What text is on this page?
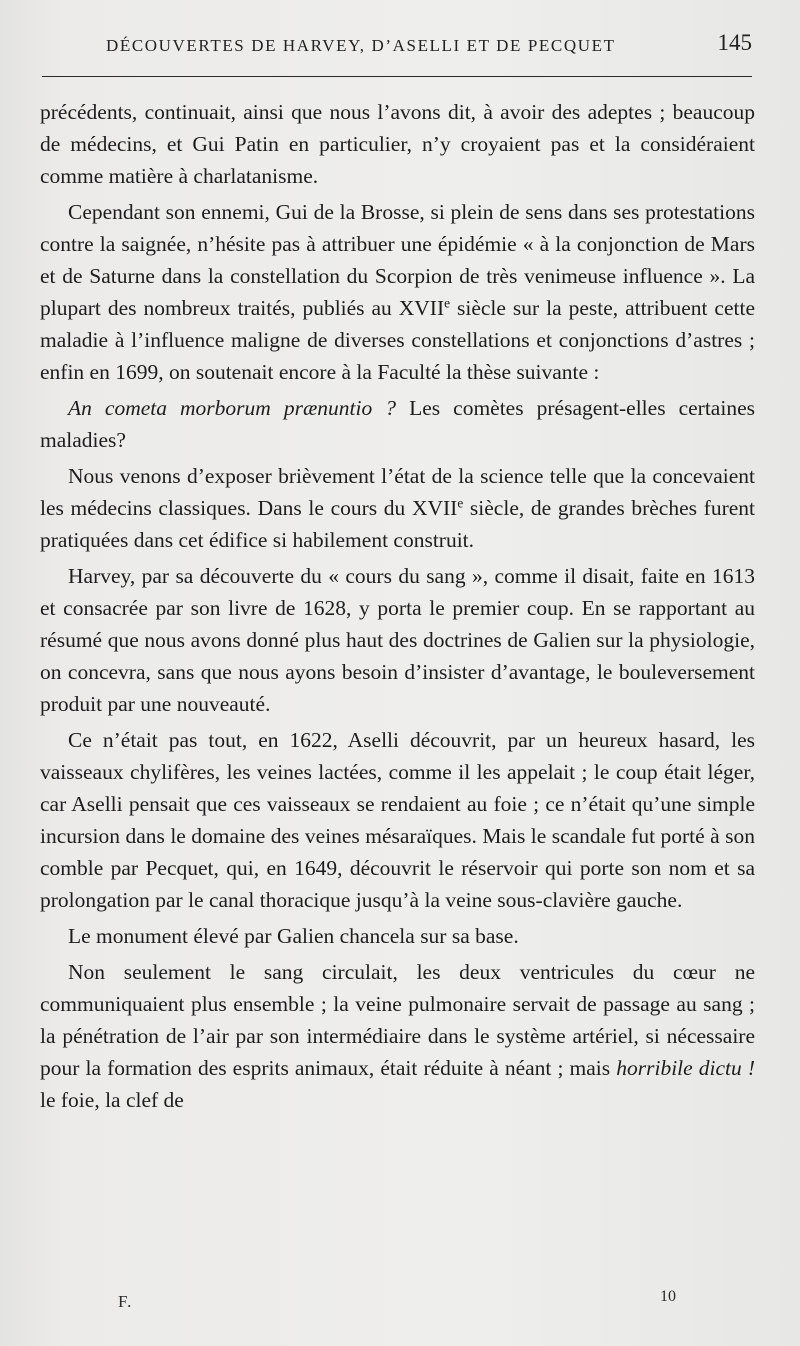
DÉCOUVERTES DE HARVEY, D’ASELLI ET DE PECQUET	145

précédents, continuait, ainsi que nous l’avons dit, à avoir des adeptes ; beaucoup de médecins, et Gui Patin en particulier, n’y croyaient pas et la considéraient comme matière à charlatanisme.

Cependant son ennemi, Gui de la Brosse, si plein de sens dans ses protestations contre la saignée, n’hésite pas à attribuer une épidémie « à la conjonction de Mars et de Saturne dans la constellation du Scorpion de très venimeuse influence ». La plupart des nombreux traités, publiés au XVIIe siècle sur la peste, attribuent cette maladie à l’influence maligne de diverses constellations et conjonctions d’astres ; enfin en 1699, on soutenait encore à la Faculté la thèse suivante :

An cometa morborum prænuntio ? Les comètes présagent-elles certaines maladies?

Nous venons d’exposer brièvement l’état de la science telle que la concevaient les médecins classiques. Dans le cours du XVIIe siècle, de grandes brèches furent pratiquées dans cet édifice si habilement construit.

Harvey, par sa découverte du « cours du sang », comme il disait, faite en 1613 et consacrée par son livre de 1628, y porta le premier coup. En se rapportant au résumé que nous avons donné plus haut des doctrines de Galien sur la physiologie, on concevra, sans que nous ayons besoin d’insister d’avantage, le bouleversement produit par une nouveauté.

Ce n’était pas tout, en 1622, Aselli découvrit, par un heureux hasard, les vaisseaux chylifères, les veines lactées, comme il les appelait ; le coup était léger, car Aselli pensait que ces vaisseaux se rendaient au foie ; ce n’était qu’une simple incursion dans le domaine des veines mésaraïques. Mais le scandale fut porté à son comble par Pecquet, qui, en 1649, découvrit le réservoir qui porte son nom et sa prolongation par le canal thoracique jusqu’à la veine sous-clavière gauche.

Le monument élevé par Galien chancela sur sa base.

Non seulement le sang circulait, les deux ventricules du cœur ne communiquaient plus ensemble ; la veine pulmonaire servait de passage au sang ; la pénétration de l’air par son intermédiaire dans le système artériel, si nécessaire pour la formation des esprits animaux, était réduite à néant ; mais horribile dictu ! le foie, la clef de

F.	10
